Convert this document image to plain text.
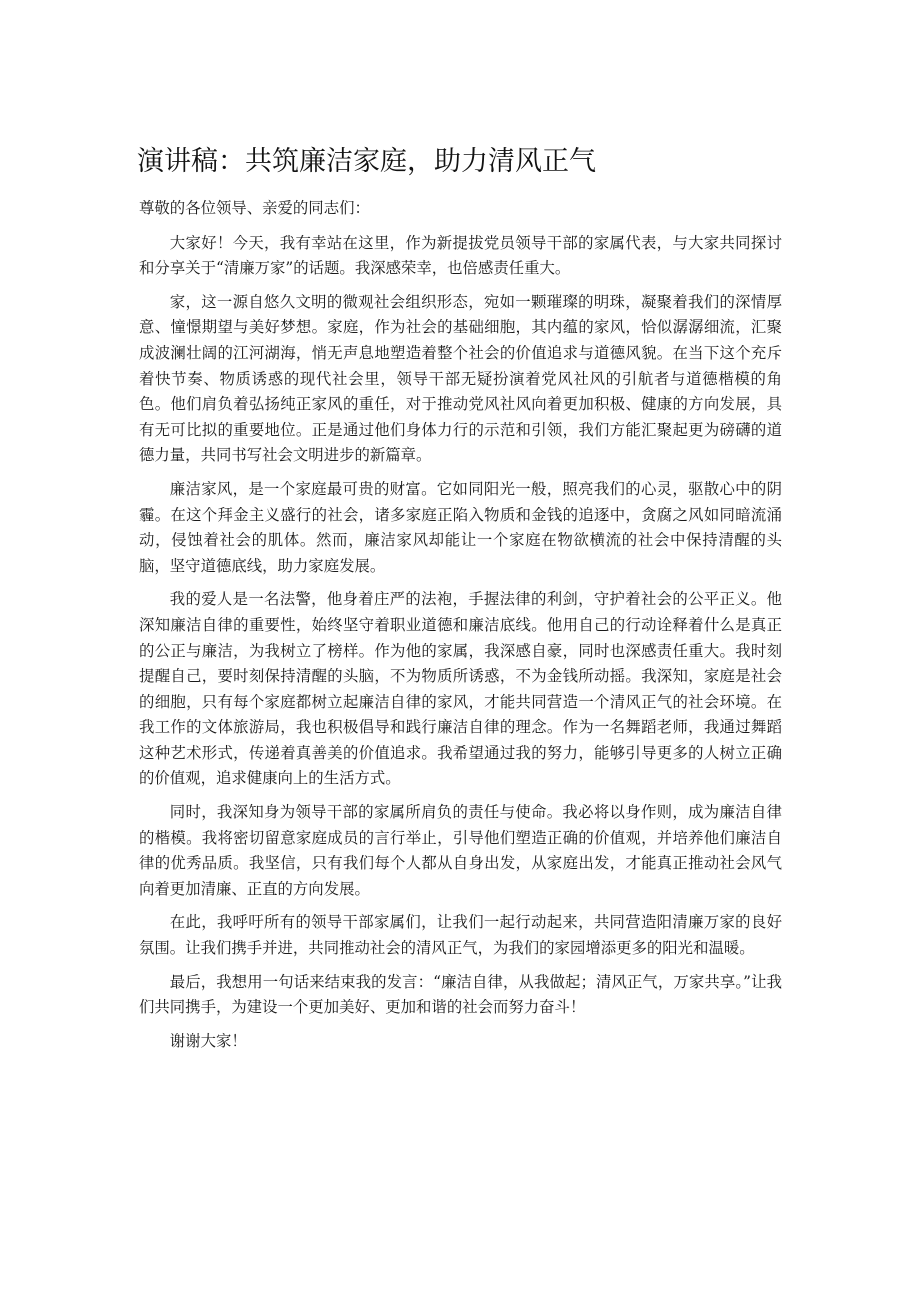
演讲稿：共筑廉洁家庭，助力清风正气

尊敬的各位领导、亲爱的同志们：

大家好！今天，我有幸站在这里，作为新提拔党员领导干部的家属代表，与大家共同探讨和分享关于“清廉万家”的话题。我深感荣幸，也倍感责任重大。

家，这一源自悠久文明的微观社会组织形态，宛如一颗璀璨的明珠，凝聚着我们的深情厚意、憧憬期望与美好梦想。家庭，作为社会的基础细胞，其内蕴的家风，恰似潺潺细流，汇聚成波澜壮阔的江河湖海，悄无声息地塑造着整个社会的价值追求与道德风貌。在当下这个充斥着快节奏、物质诱惑的现代社会里，领导干部无疑扮演着党风社风的引航者与道德楷模的角色。他们肩负着弘扬纯正家风的重任，对于推动党风社风向着更加积极、健康的方向发展，具有无可比拟的重要地位。正是通过他们身体力行的示范和引领，我们方能汇聚起更为磅礴的道德力量，共同书写社会文明进步的新篇章。

廉洁家风，是一个家庭最可贵的财富。它如同阳光一般，照亮我们的心灵，驱散心中的阴霾。在这个拜金主义盛行的社会，诸多家庭正陷入物质和金钱的追逐中，贪腐之风如同暗流涌动，侵蚀着社会的肌体。然而，廉洁家风却能让一个家庭在物欲横流的社会中保持清醒的头脑，坚守道德底线，助力家庭发展。

我的爱人是一名法警，他身着庄严的法袍，手握法律的利剑，守护着社会的公平正义。他深知廉洁自律的重要性，始终坚守着职业道德和廉洁底线。他用自己的行动诠释着什么是真正的公正与廉洁，为我树立了榜样。作为他的家属，我深感自豪，同时也深感责任重大。我时刻提醒自己，要时刻保持清醒的头脑，不为物质所诱惑，不为金钱所动摇。我深知，家庭是社会的细胞，只有每个家庭都树立起廉洁自律的家风，才能共同营造一个清风正气的社会环境。在我工作的文体旅游局，我也积极倡导和践行廉洁自律的理念。作为一名舞蹈老师，我通过舞蹈这种艺术形式，传递着真善美的价值追求。我希望通过我的努力，能够引导更多的人树立正确的价值观，追求健康向上的生活方式。

同时，我深知身为领导干部的家属所肩负的责任与使命。我必将以身作则，成为廉洁自律的楷模。我将密切留意家庭成员的言行举止，引导他们塑造正确的价值观，并培养他们廉洁自律的优秀品质。我坚信，只有我们每个人都从自身出发，从家庭出发，才能真正推动社会风气向着更加清廉、正直的方向发展。

在此，我呼吁所有的领导干部家属们，让我们一起行动起来，共同营造阳清廉万家的良好氛围。让我们携手并进，共同推动社会的清风正气，为我们的家园增添更多的阳光和温暖。

最后，我想用一句话来结束我的发言：“廉洁自律，从我做起；清风正气，万家共享。”让我们共同携手，为建设一个更加美好、更加和谐的社会而努力奋斗！

谢谢大家！
